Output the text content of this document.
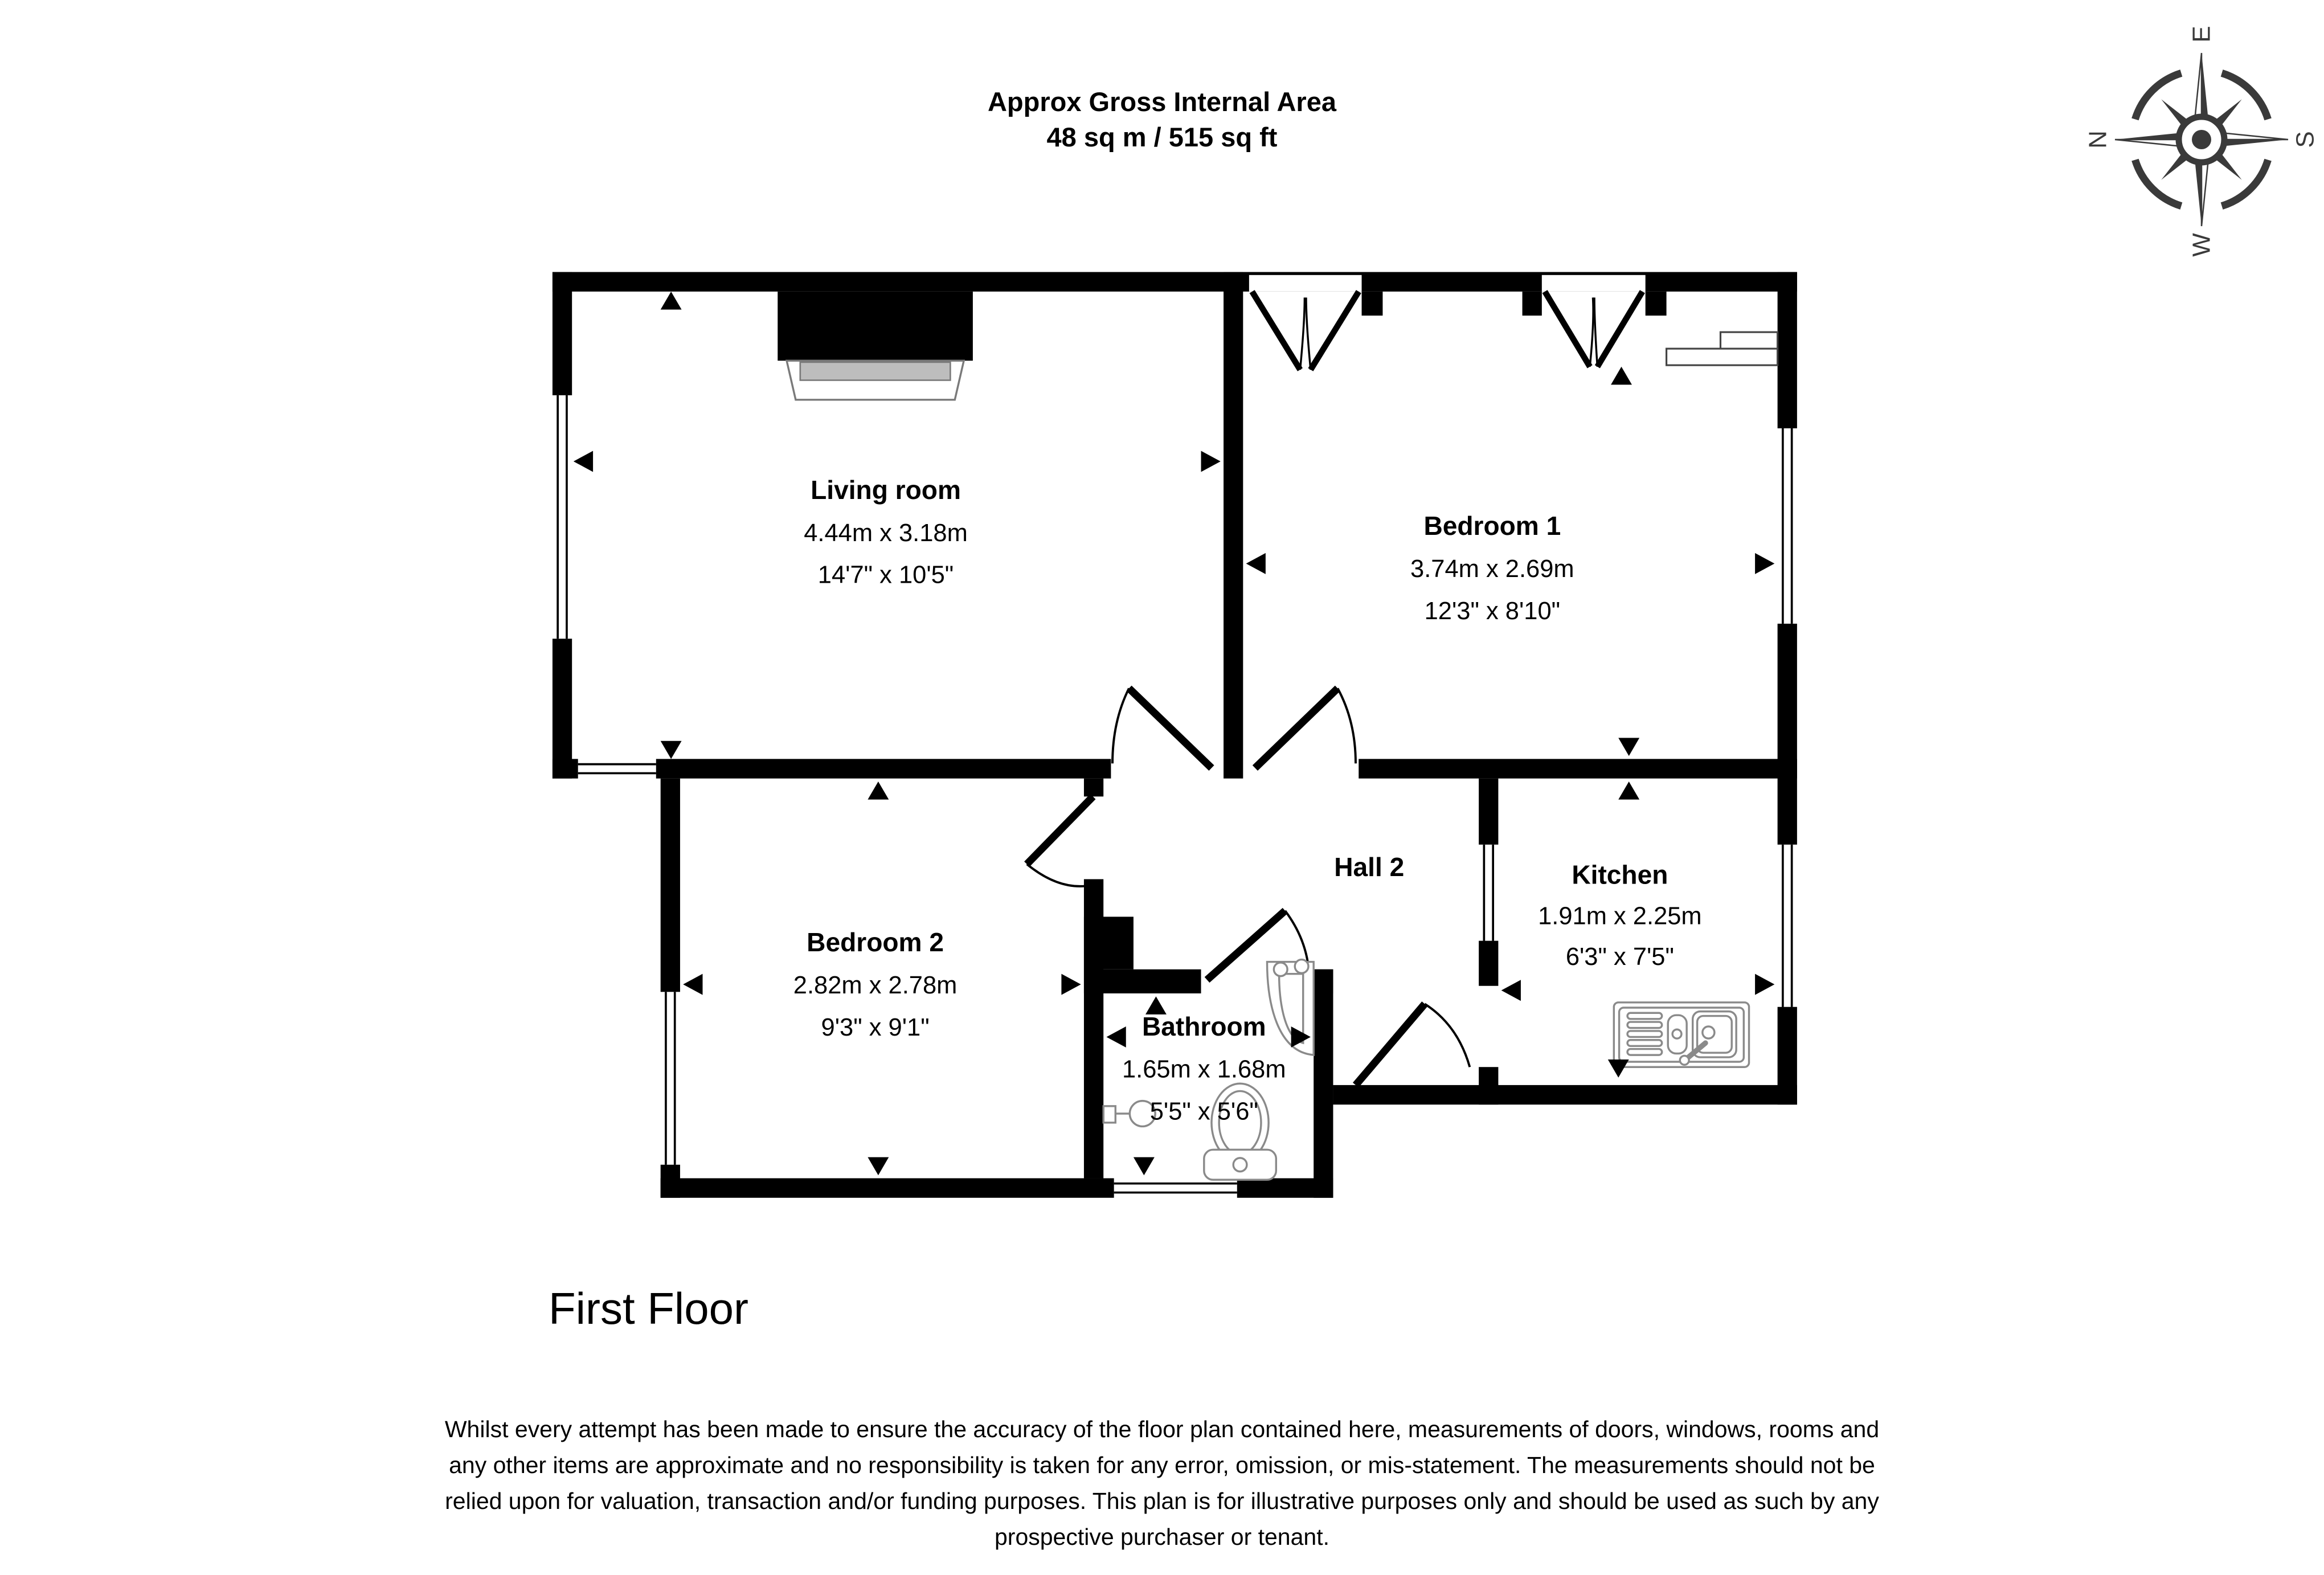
Approx Gross Internal Area
48 sq m / 515 sq ft	N
E
S
W
Living room
4.44m x 3.18m
14'7" x 10'5"
Bedroom 1
3.74m x 2.69m
12'3" x 8'10"
Bedroom 2
2.82m x 2.78m
9'3" x 9'1"	Bathroom
1.65m x 1.68m
5'5" x 5'6"
Kitchen
1.91m x 2.25m
6'3" x 7'5"
Hall 2
First Floor
Whilst every attempt has been made to ensure the accuracy of the floor plan contained here, measurements of doors, windows, rooms and
any other items are approximate and no responsibility is taken for any error, omission, or mis-statement. The measurements should not be
relied upon for valuation, transaction and/or funding purposes. This plan is for illustrative purposes only and should be used as such by any
prospective purchaser or tenant.
